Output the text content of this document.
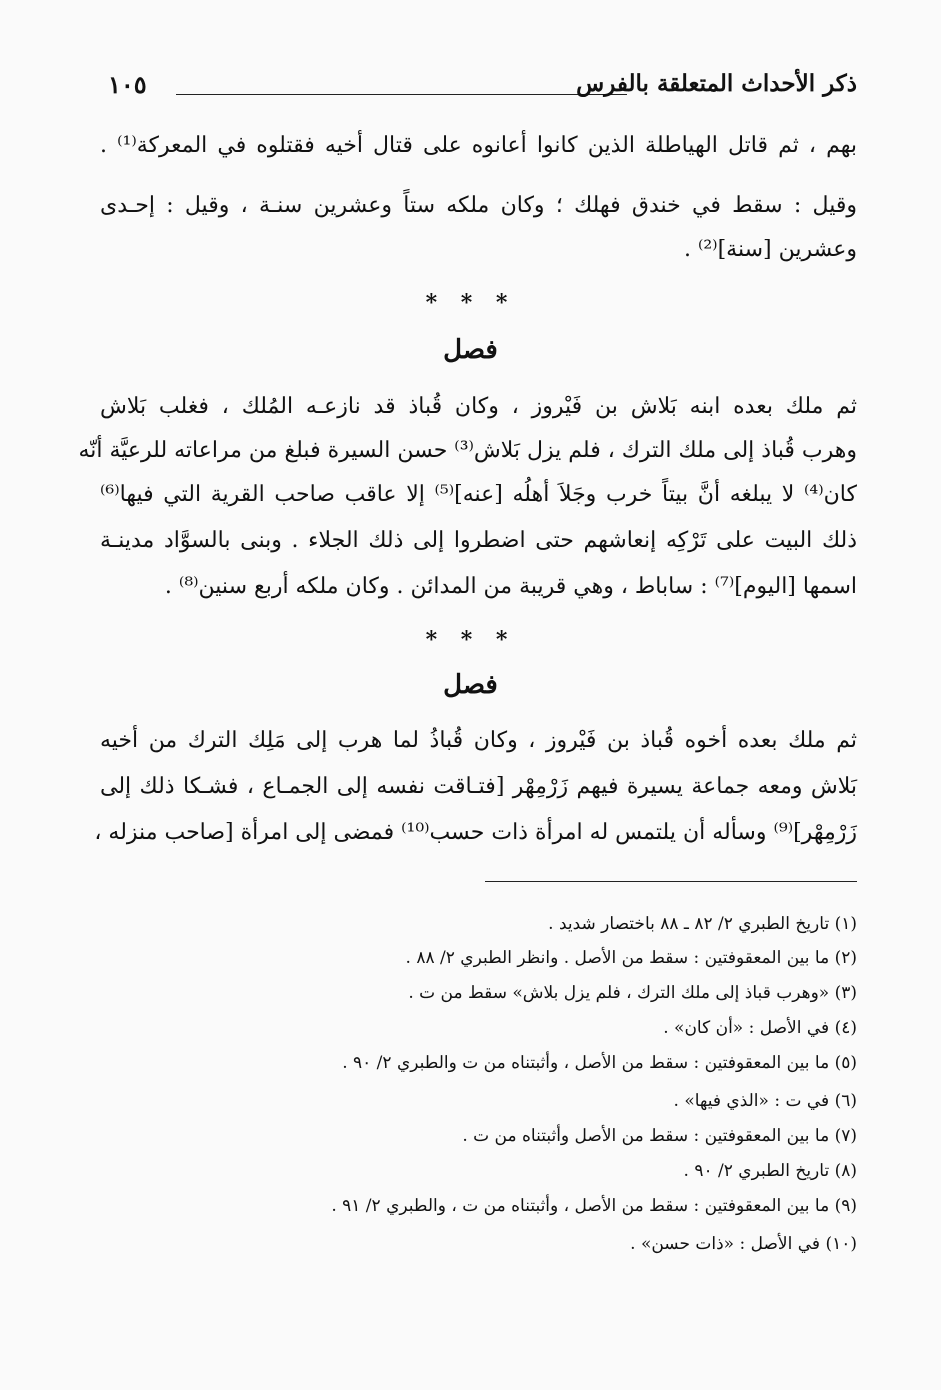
١٠٥	ذكر الأحداث المتعلقة بالفرس
بهم ، ثم قاتل الهياطلة الذين كانوا أعانوه على قتال أخيه فقتلوه في المعركة⁽¹⁾ .
وقيل : سقط في خندق فهلك ؛ وكان ملكه ستاً وعشرين سنـة ، وقيل : إحـدى
وعشرين [سنة]⁽²⁾ .
* * *
فصل
ثم ملك بعده ابنه بَلاش بن فَيْروز ، وكان قُباذ قد نازعـه المُلك ، فغلب بَلاش
وهرب قُباذ إلى ملك الترك ، فلم يزل بَلاش⁽³⁾ حسن السيرة فبلغ من مراعاته للرعيَّة أنّه
كان⁽⁴⁾ لا يبلغه أنَّ بيتاً خرب وجَلاَ أهلُه [عنه]⁽⁵⁾ إلا عاقب صاحب القرية التي فيها⁽⁶⁾
ذلك البيت على تَرْكِه إنعاشهم حتى اضطروا إلى ذلك الجلاء . وبنى بالسوَّاد مدينـة
اسمها [اليوم]⁽⁷⁾ : ساباط ، وهي قريبة من المدائن . وكان ملكه أربع سنين⁽⁸⁾ .
* * *
فصل
ثم ملك بعده أخوه قُباذ بن فَيْروز ، وكان قُباذُ لما هرب إلى مَلِك الترك من أخيه
بَلاش ومعه جماعة يسيرة فيهم زَرْمِهْر [فتـاقت نفسه إلى الجمـاع ، فشـكا ذلك إلى
زَرْمِهْر]⁽⁹⁾ وسأله أن يلتمس له امرأة ذات حسب⁽¹⁰⁾ فمضى إلى امرأة [صاحب منزله ،
(١) تاريخ الطبري ٢/ ٨٢ ـ ٨٨ باختصار شديد .
(٢) ما بين المعقوفتين : سقط من الأصل . وانظر الطبري ٢/ ٨٨ .
(٣) «وهرب قباذ إلى ملك الترك ، فلم يزل بلاش» سقط من ت .
(٤) في الأصل : «أن كان» .
(٥) ما بين المعقوفتين : سقط من الأصل ، وأثبتناه من ت والطبري ٢/ ٩٠ .
(٦) في ت : «الذي فيها» .
(٧) ما بين المعقوفتين : سقط من الأصل وأثبتناه من ت .
(٨) تاريخ الطبري ٢/ ٩٠ .
(٩) ما بين المعقوفتين : سقط من الأصل ، وأثبتناه من ت ، والطبري ٢/ ٩١ .
(١٠) في الأصل : «ذات حسن» .
